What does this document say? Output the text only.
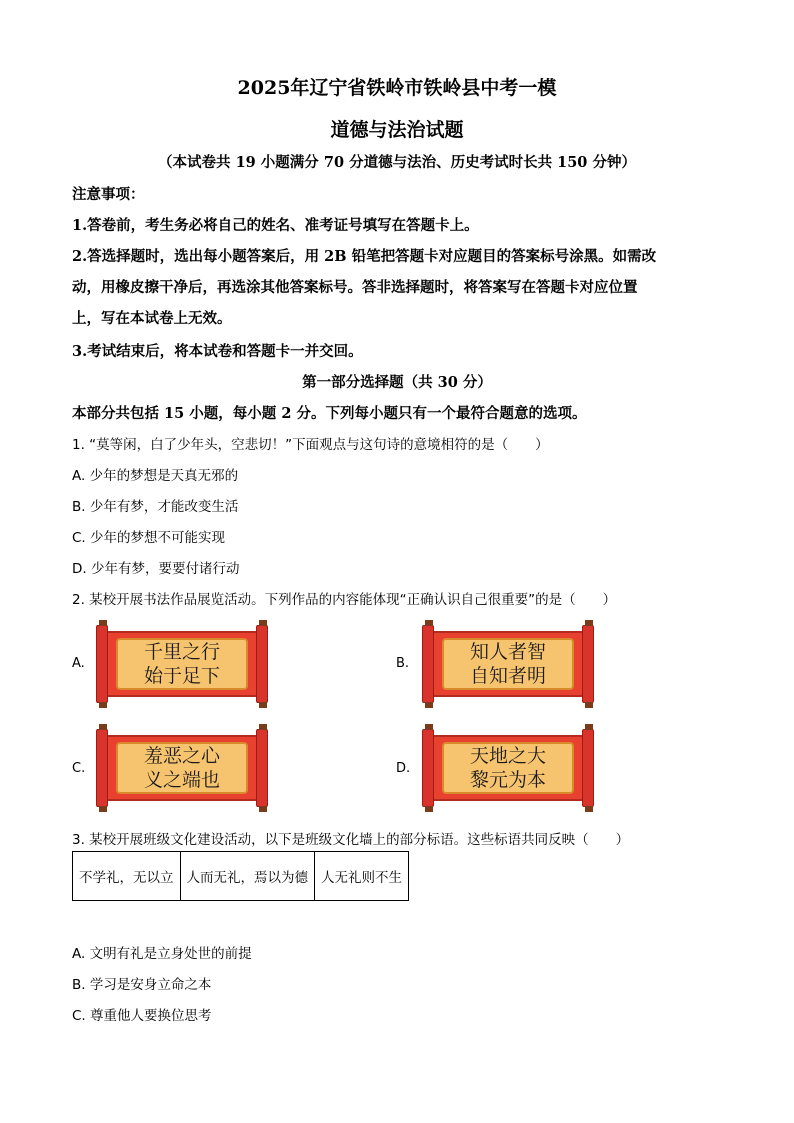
2025年辽宁省铁岭市铁岭县中考一模
道德与法治试题
（本试卷共 19 小题满分 70 分道德与法治、历史考试时长共 150 分钟）
注意事项：
1.答卷前，考生务必将自己的姓名、准考证号填写在答题卡上。
2.答选择题时，选出每小题答案后，用 2B 铅笔把答题卡对应题目的答案标号涂黑。如需改
动，用橡皮擦干净后，再选涂其他答案标号。答非选择题时，将答案写在答题卡对应位置
上，写在本试卷上无效。
3.考试结束后，将本试卷和答题卡一并交回。
第一部分选择题（共 30 分）
本部分共包括 15 小题，每小题 2 分。下列每小题只有一个最符合题意的选项。
1. “莫等闲，白了少年头，空悲切！”下面观点与这句诗的意境相符的是（　　）
A. 少年的梦想是天真无邪的
B. 少年有梦，才能改变生活
C. 少年的梦想不可能实现
D. 少年有梦，要要付诸行动
2. 某校开展书法作品展览活动。下列作品的内容能体现“正确认识自己很重要”的是（　　）
A.
千里之行
始于足下
B.
知人者智
自知者明
C.
羞恶之心
义之端也
D.
天地之大
黎元为本
3. 某校开展班级文化建设活动，以下是班级文化墙上的部分标语。这些标语共同反映（　　）
不学礼，无以立	人而无礼，焉以为德	人无礼则不生
A. 文明有礼是立身处世的前提
B. 学习是安身立命之本
C. 尊重他人要换位思考
